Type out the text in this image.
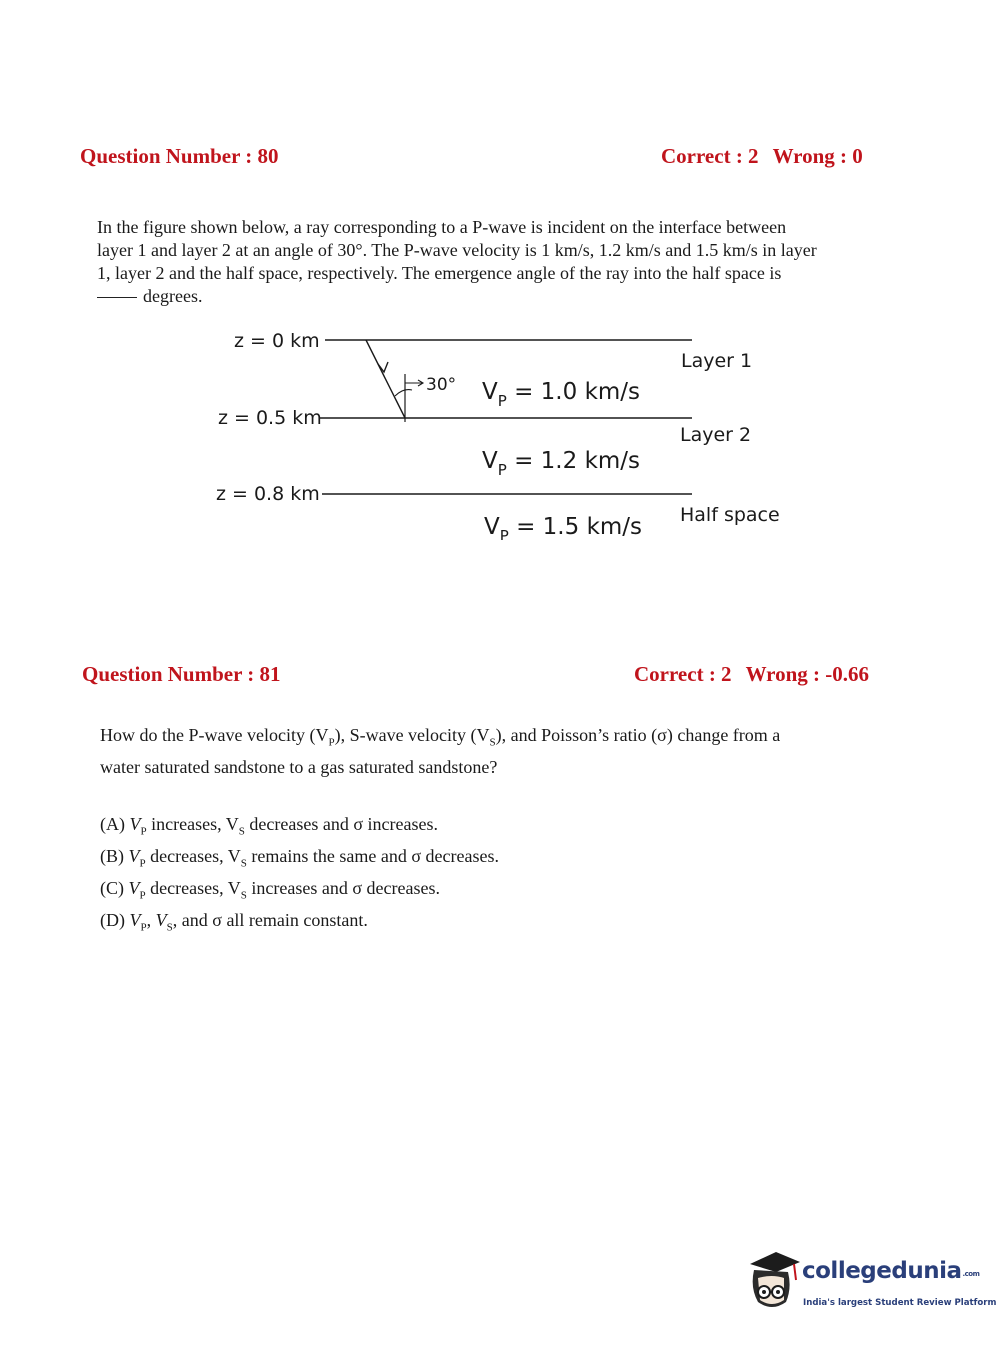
Question Number : 80	Correct : 2 Wrong : 0
In the figure shown below, a ray corresponding to a P-wave is incident on the interface between
layer 1 and layer 2 at an angle of 30°. The P-wave velocity is 1 km/s, 1.2 km/s and 1.5 km/s in layer
1, layer 2 and the half space, respectively. The emergence angle of the ray into the half space is
degrees.
z = 0 km
z = 0.5 km
z = 0.8 km
30° $V_P = 1.0$ km/s
$V_P = 1.2$ km/s
$V_P = 1.5$ km/s
Layer 1
Layer 2
Half space
Question Number : 81	Correct : 2 Wrong : -0.66
How do the P-wave velocity $(V_P)$, S-wave velocity $(V_S)$, and Poisson’s ratio (σ) change from a
water saturated sandstone to a gas saturated sandstone?
(A) $V_P$ increases, $V_S$ decreases and σ increases.
(B) $V_P$ decreases, $V_S$ remains the same and σ decreases.
(C) $V_P$ decreases, $V_S$ increases and σ decreases.
(D) $V_P$, $V_S$, and σ all remain constant.
collegedunia.com
India's largest Student Review Platform
